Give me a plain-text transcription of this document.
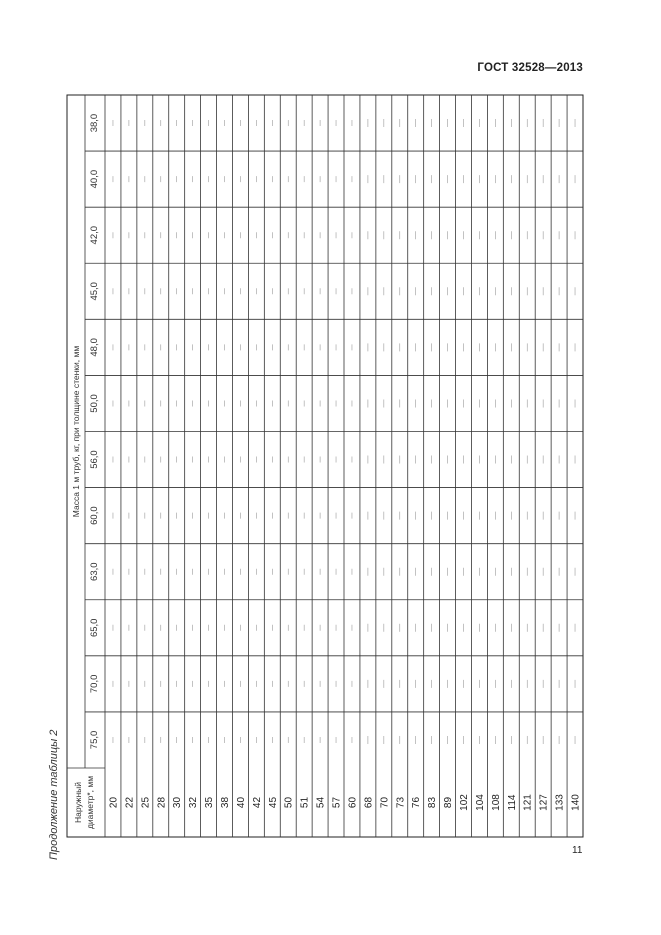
ГОСТ 32528—2013
Продолжение таблицы 2	11
Масса 1 м труб, кг, при толщине стенки, мм
Наружный диаметр*, мм
38,0
40,0
42,0
45,0
48,0
50,0
56,0
60,0
63,0
65,0
70,0
75,0
20 22 25 28 30 32 35 38 40 42 45 50 51 54 57 60 68 70 73 76 83 89 102 104 108 114 121 127 133 140
